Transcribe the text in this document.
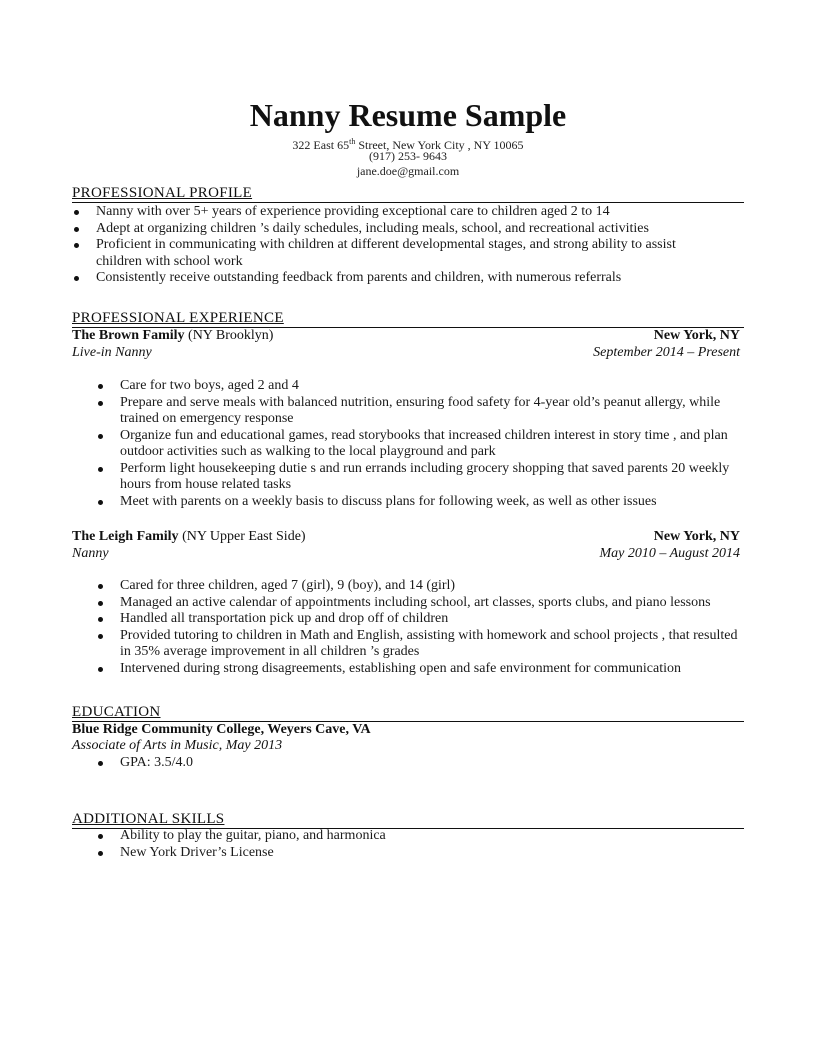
Nanny Resume Sample
322 East 65th Street, New York City , NY 10065
(917) 253- 9643
jane.doe@gmail.com
PROFESSIONAL PROFILE
Nanny with over 5+ years of experience providing exceptional care to children aged 2 to 14
Adept at organizing children ’s daily schedules, including meals, school, and recreational activities
Proficient in communicating with children at different developmental stages, and strong ability to assist children with school work
Consistently receive outstanding feedback from parents and children, with numerous referrals
PROFESSIONAL EXPERIENCE
The Brown Family (NY Brooklyn)	New York, NY
Live-in Nanny	September 2014 – Present
Care for two boys, aged 2 and 4
Prepare and serve meals with balanced nutrition, ensuring food safety for 4-year old’s peanut allergy, while trained on emergency response
Organize fun and educational games, read storybooks that increased children interest in story time , and plan outdoor activities such as walking to the local playground and park
Perform light housekeeping dutie s and run errands including grocery shopping that saved parents 20 weekly hours from house related tasks
Meet with parents on a weekly basis to discuss plans for following week, as well as other issues
The Leigh Family (NY Upper East Side)	New York, NY
Nanny	May 2010 – August 2014
Cared for three children, aged 7 (girl), 9 (boy), and 14 (girl)
Managed an active calendar of appointments including school, art classes, sports clubs, and piano lessons
Handled all transportation pick up and drop off of children
Provided tutoring to children in Math and English, assisting with homework and school projects , that resulted in 35% average improvement in all children ’s grades
Intervened during strong disagreements, establishing open and safe environment for communication
EDUCATION
Blue Ridge Community College, Weyers Cave, VA
Associate of Arts in Music, May 2013
GPA: 3.5/4.0
ADDITIONAL SKILLS
Ability to play the guitar, piano, and harmonica
New York Driver’s License
